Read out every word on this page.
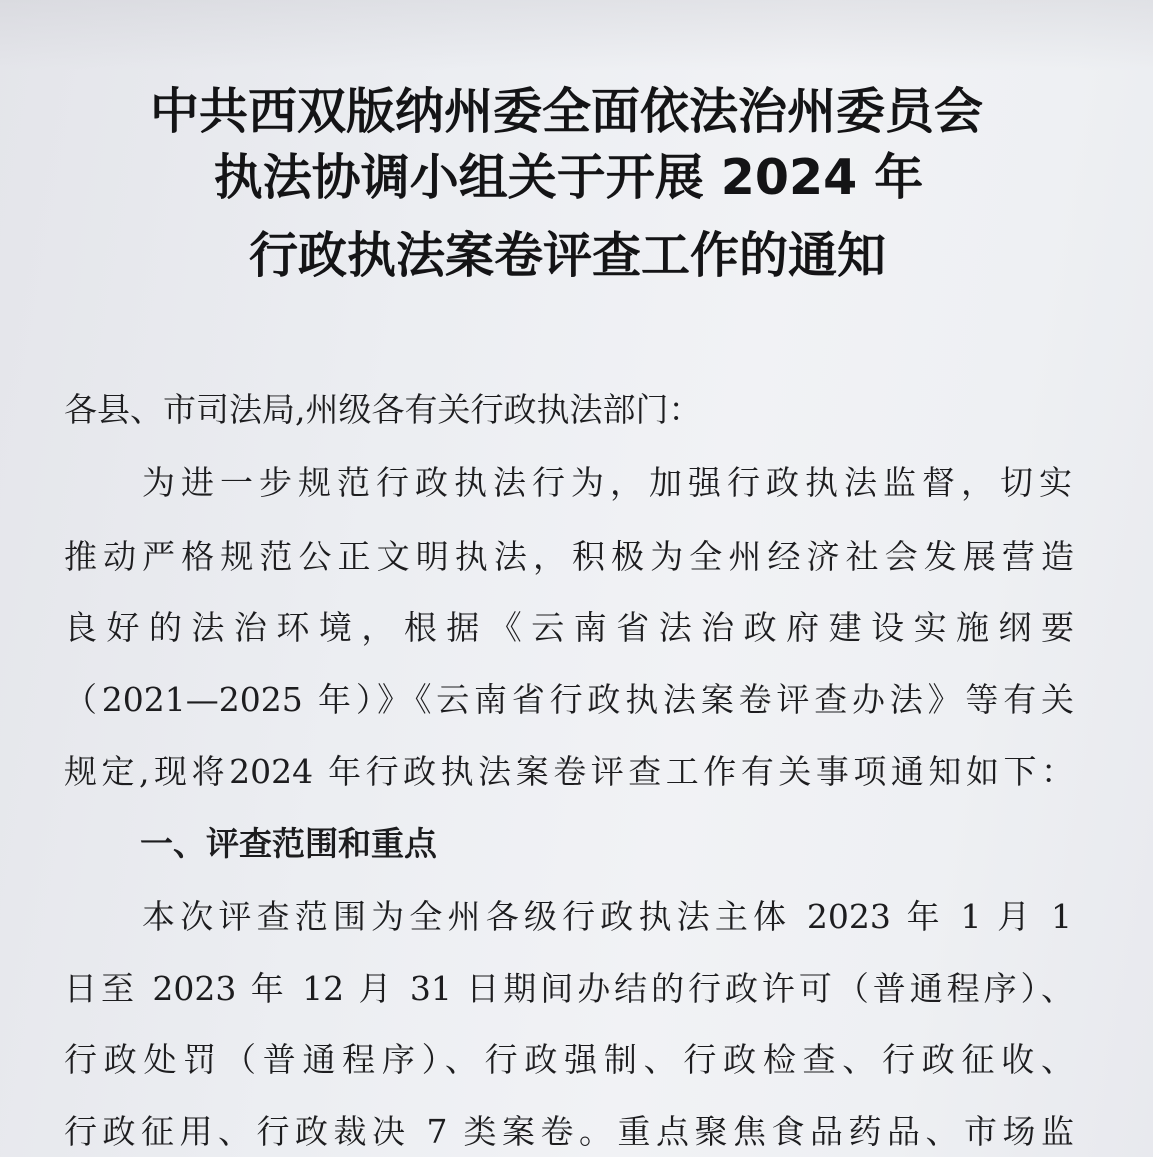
中共西双版纳州委全面依法治州委员会
执法协调小组关于开展 2024 年
行政执法案卷评查工作的通知
各县、市司法局,州级各有关行政执法部门：
为进一步规范行政执法行为，加强行政执法监督，切实
推动严格规范公正文明执法，积极为全州经济社会发展营造
良好的法治环境，根据《云南省法治政府建设实施纲要
（2021—2025 年）》《云南省行政执法案卷评查办法》等有关
规定,现将2024 年行政执法案卷评查工作有关事项通知如下：
一、评查范围和重点
本次评查范围为全州各级行政执法主体 2023 年 1 月 1
日至 2023 年 12 月 31 日期间办结的行政许可（普通程序）、
行政处罚（普通程序）、行政强制、行政检查、行政征收、
行政征用、行政裁决 7 类案卷。重点聚焦食品药品、市场监
